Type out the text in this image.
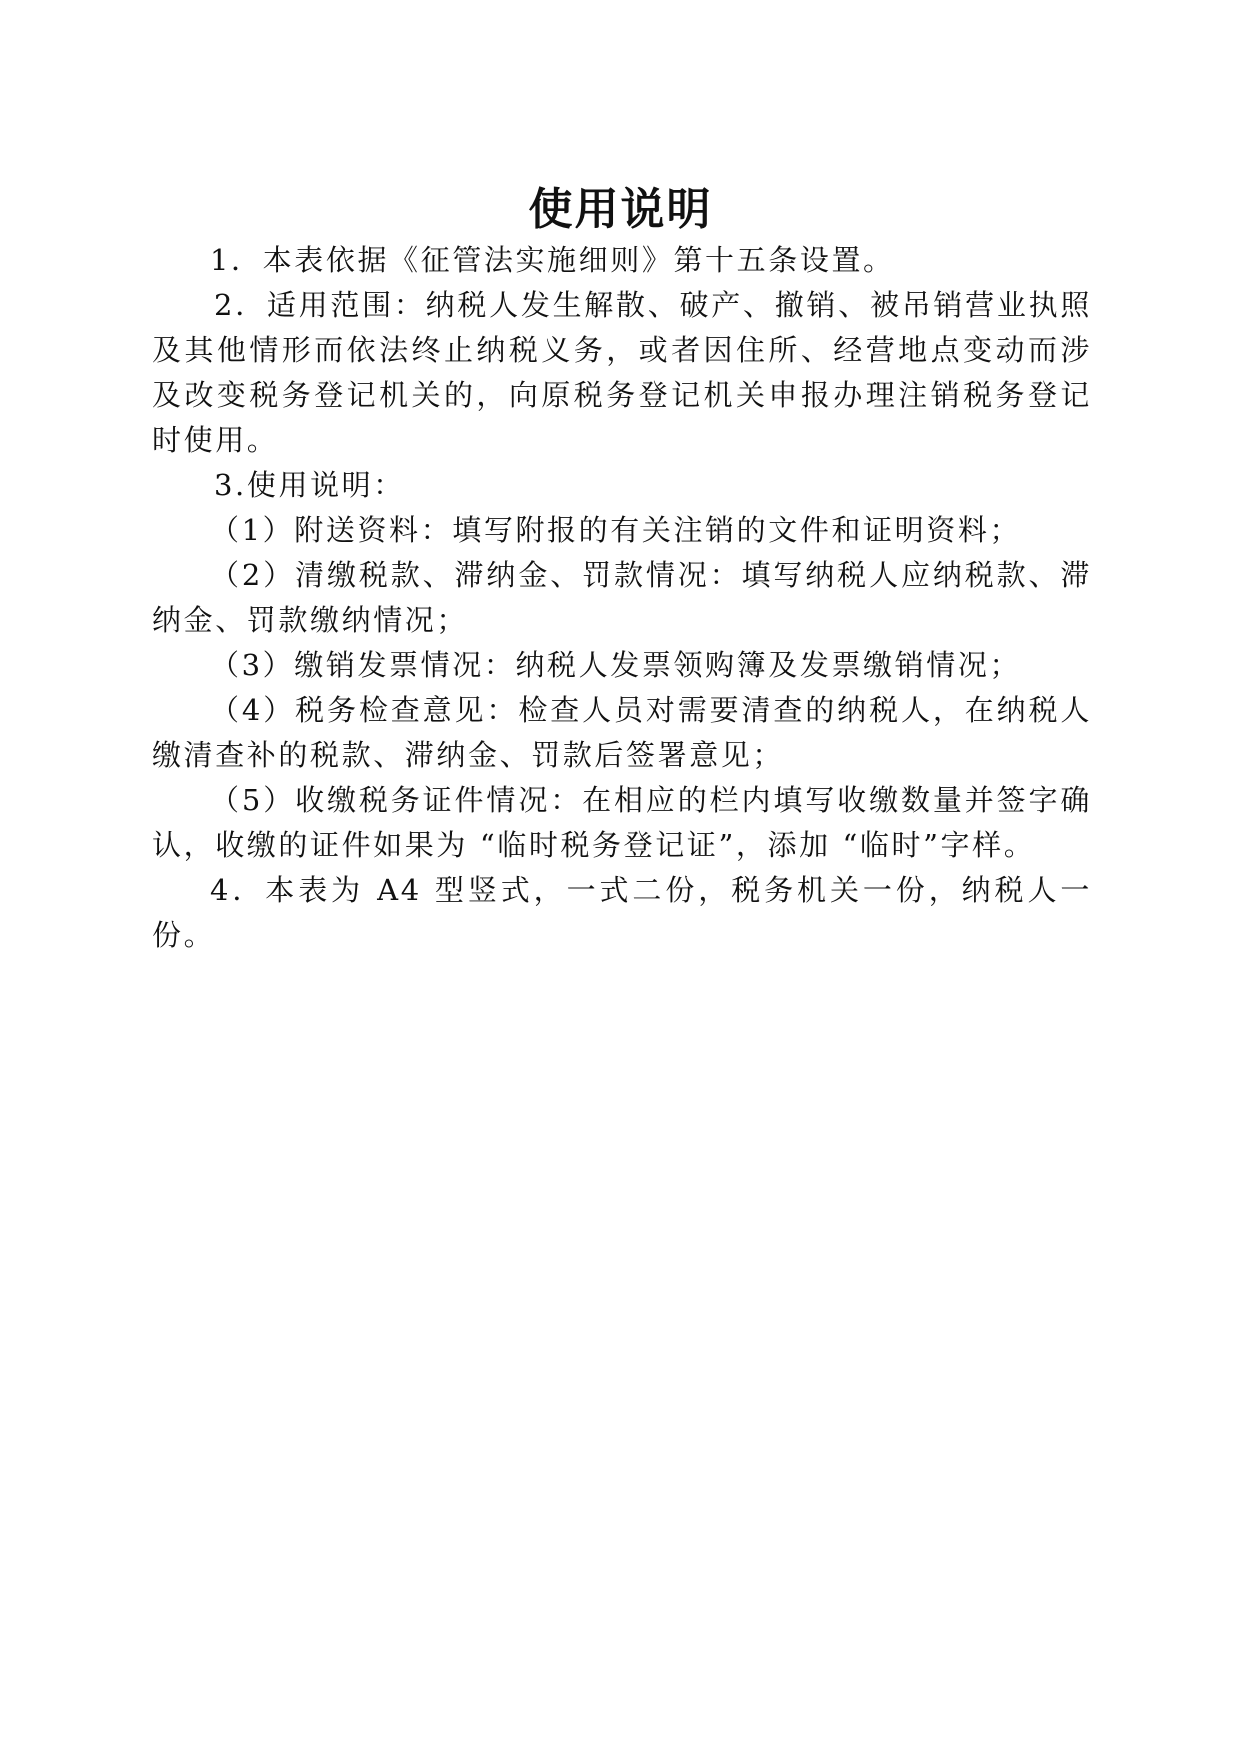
使用说明

1．本表依据《征管法实施细则》第十五条设置。

2．适用范围：纳税人发生解散、破产、撤销、被吊销营业执照及其他情形而依法终止纳税义务，或者因住所、经营地点变动而涉及改变税务登记机关的，向原税务登记机关申报办理注销税务登记时使用。

3.使用说明：

（1）附送资料：填写附报的有关注销的文件和证明资料；

（2）清缴税款、滞纳金、罚款情况：填写纳税人应纳税款、滞纳金、罚款缴纳情况；

（3）缴销发票情况：纳税人发票领购簿及发票缴销情况；

（4）税务检查意见：检查人员对需要清查的纳税人，在纳税人缴清查补的税款、滞纳金、罚款后签署意见；

（5）收缴税务证件情况：在相应的栏内填写收缴数量并签字确认，收缴的证件如果为 “临时税务登记证”，添加 “临时”字样。

4．本表为 A4 型竖式，一式二份，税务机关一份，纳税人一份。
